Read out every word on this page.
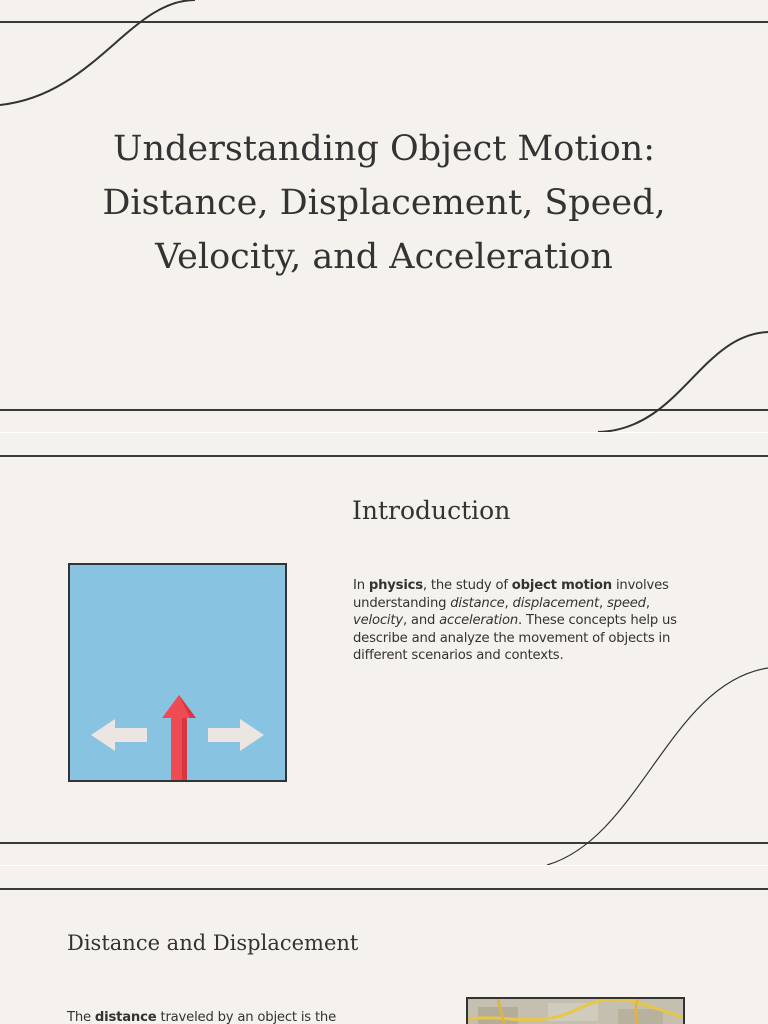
Understanding Object Motion:
Distance, Displacement, Speed,
Velocity, and Acceleration
Introduction

In physics, the study of object motion involves understanding distance, displacement, speed, velocity, and acceleration. These concepts help us describe and analyze the movement of objects in different scenarios and contexts.

Distance and Displacement

The distance traveled by an object is the
